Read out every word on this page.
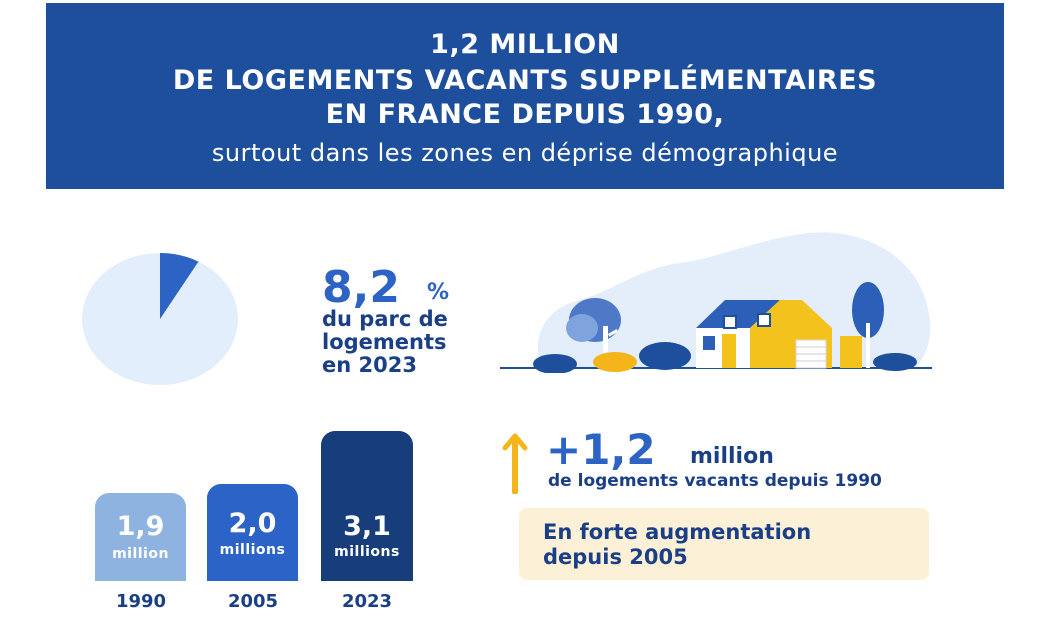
1,2 MILLION
DE LOGEMENTS VACANTS SUPPLÉMENTAIRES
EN FRANCE DEPUIS 1990,
surtout dans les zones en déprise démographique
8,2 %
du parc de
logements
en 2023
1,9
million
2,0
millions
3,1
millions
1990	2005	2023
+1,2 million
de logements vacants depuis 1990
En forte augmentation
depuis 2005
